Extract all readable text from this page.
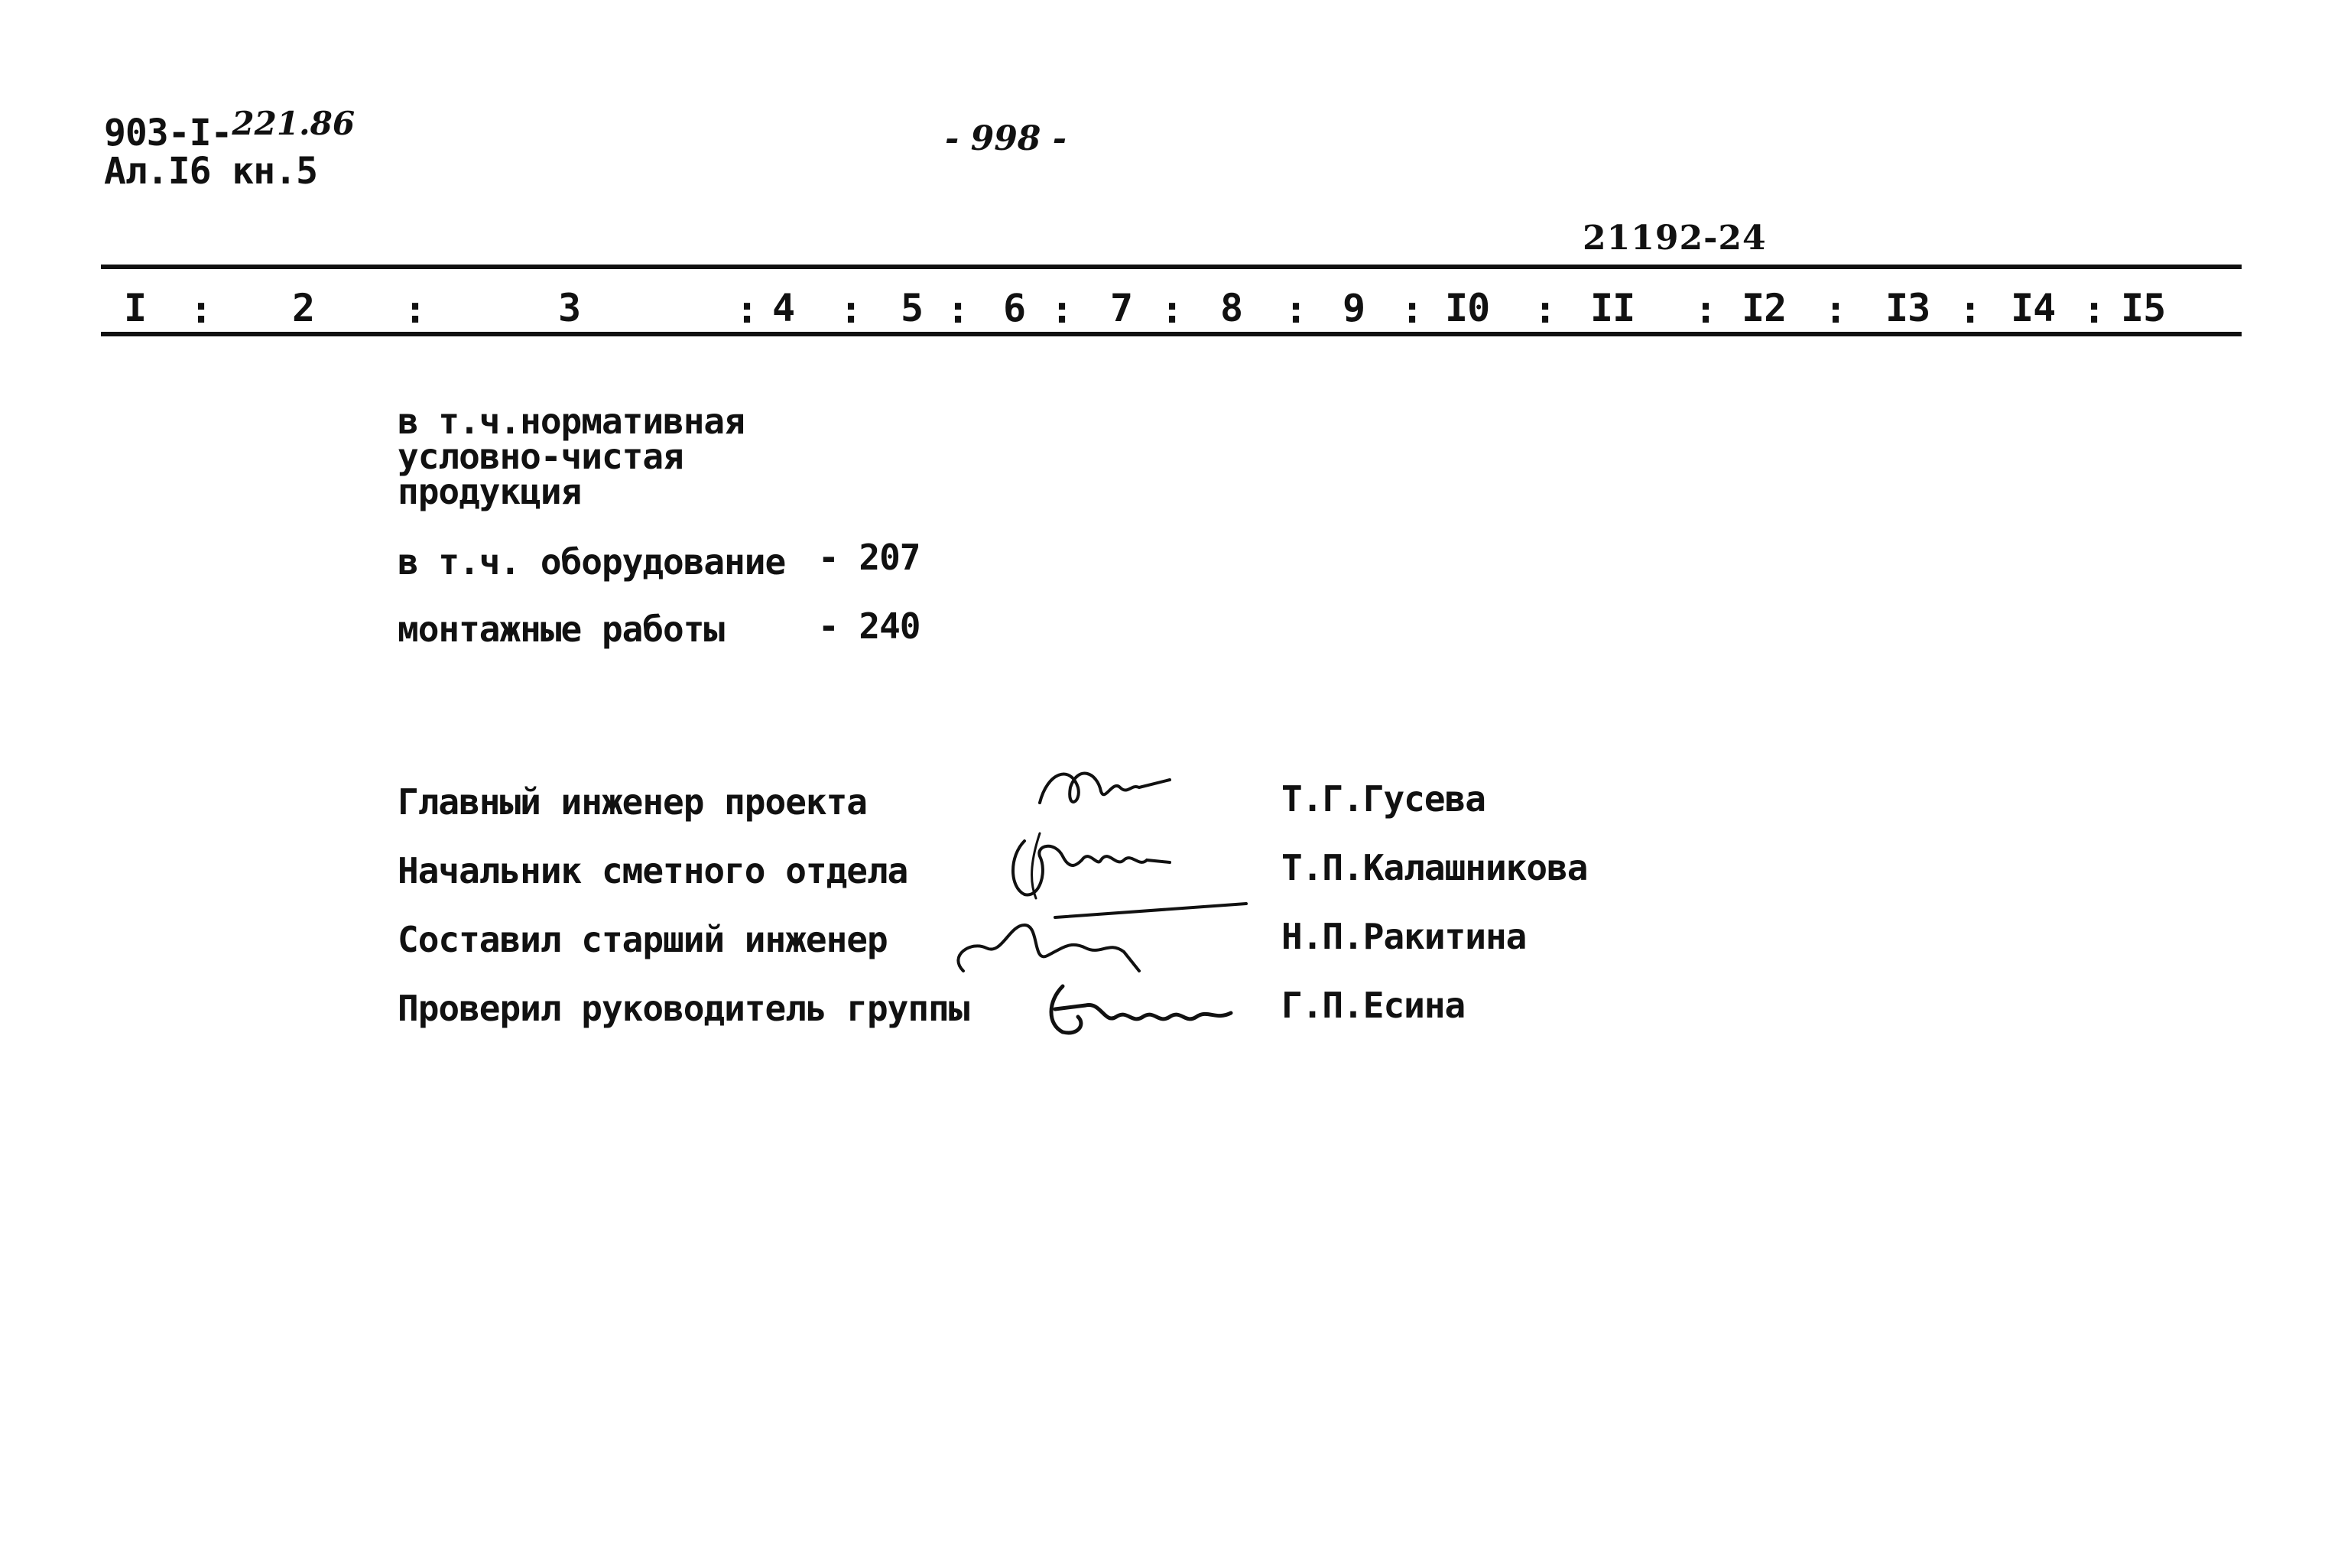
903-I-221.86
Ал.I6 кн.5
- 998 -
21192-24
I : 2 :	3	: 4 : 5 : 6 : 7 : 8 : 9 : I0 : II : I2 : I3 : I4 : I5
в т.ч.нормативная
условно-чистая
продукция
в т.ч. оборудование - 207
монтажные работы	- 240
Главный инженер проекта	Т.Г.Гусева
Начальник сметного отдела	Т.П.Калашникова
Составил старший инженер	Н.П.Ракитина
Проверил руководитель группы	Г.П.Есина
